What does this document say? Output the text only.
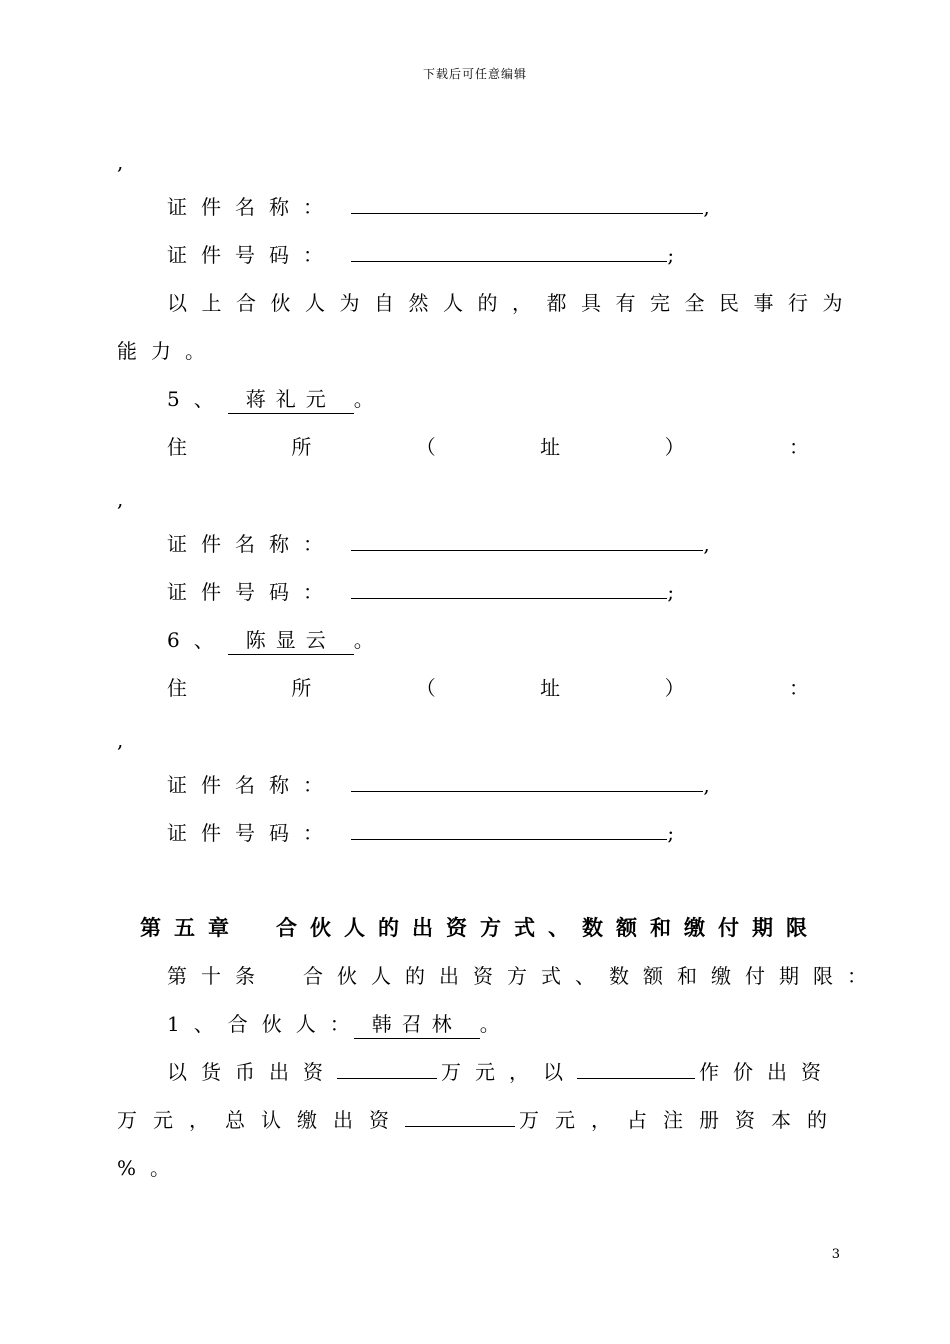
下载后可任意编辑
,
证件名称：	,
证件号码：	;
以上合伙人为自然人的，都具有完全民事行为
能力。
5、 蒋礼元 。
住	所	（	址	）	：
,
证件名称：	,
证件号码：	;
6、 陈显云 。
住	所	（	址	）	：
,
证件名称：	,
证件号码：	;
第五章　合伙人的出资方式、数额和缴付期限
第十条　合伙人的出资方式、数额和缴付期限：
1、合伙人： 韩召林 。
以货币出资	万元，以	作价出资
万元，总认缴出资	万元，占注册资本的
%。
3
